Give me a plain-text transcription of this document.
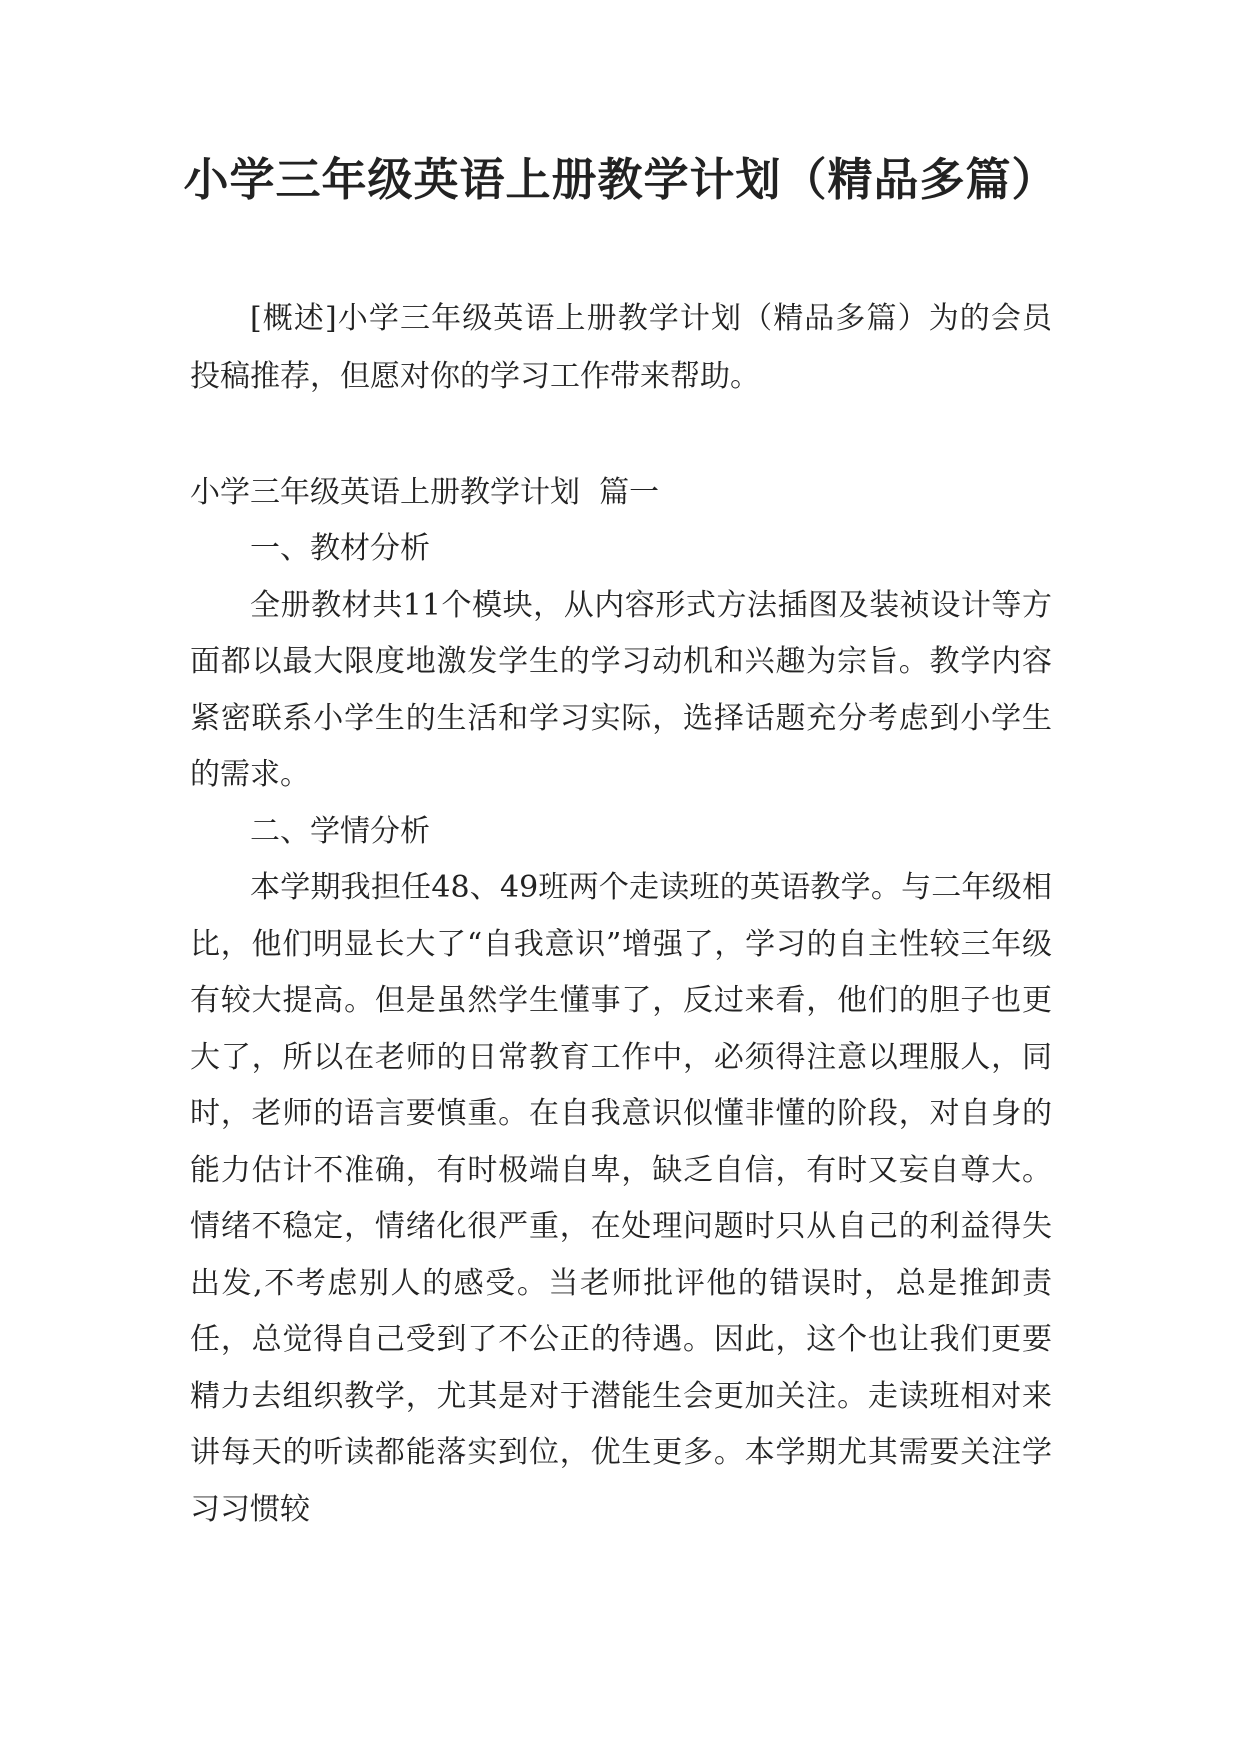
小学三年级英语上册教学计划（精品多篇）

[概述]小学三年级英语上册教学计划（精品多篇）为的会员投稿推荐，但愿对你的学习工作带来帮助。

小学三年级英语上册教学计划  篇一

一、教材分析

全册教材共11个模块，从内容形式方法插图及装祯设计等方面都以最大限度地激发学生的学习动机和兴趣为宗旨。教学内容紧密联系小学生的生活和学习实际，选择话题充分考虑到小学生的需求。

二、学情分析

本学期我担任48、49班两个走读班的英语教学。与二年级相比，他们明显长大了“自我意识”增强了，学习的自主性较三年级有较大提高。但是虽然学生懂事了，反过来看，他们的胆子也更大了，所以在老师的日常教育工作中，必须得注意以理服人，同时，老师的语言要慎重。在自我意识似懂非懂的阶段，对自身的能力估计不准确，有时极端自卑，缺乏自信，有时又妄自尊大。情绪不稳定，情绪化很严重，在处理问题时只从自己的利益得失出发,不考虑别人的感受。当老师批评他的错误时，总是推卸责任，总觉得自己受到了不公正的待遇。因此，这个也让我们更要精力去组织教学，尤其是对于潜能生会更加关注。走读班相对来讲每天的听读都能落实到位，优生更多。本学期尤其需要关注学习习惯较
